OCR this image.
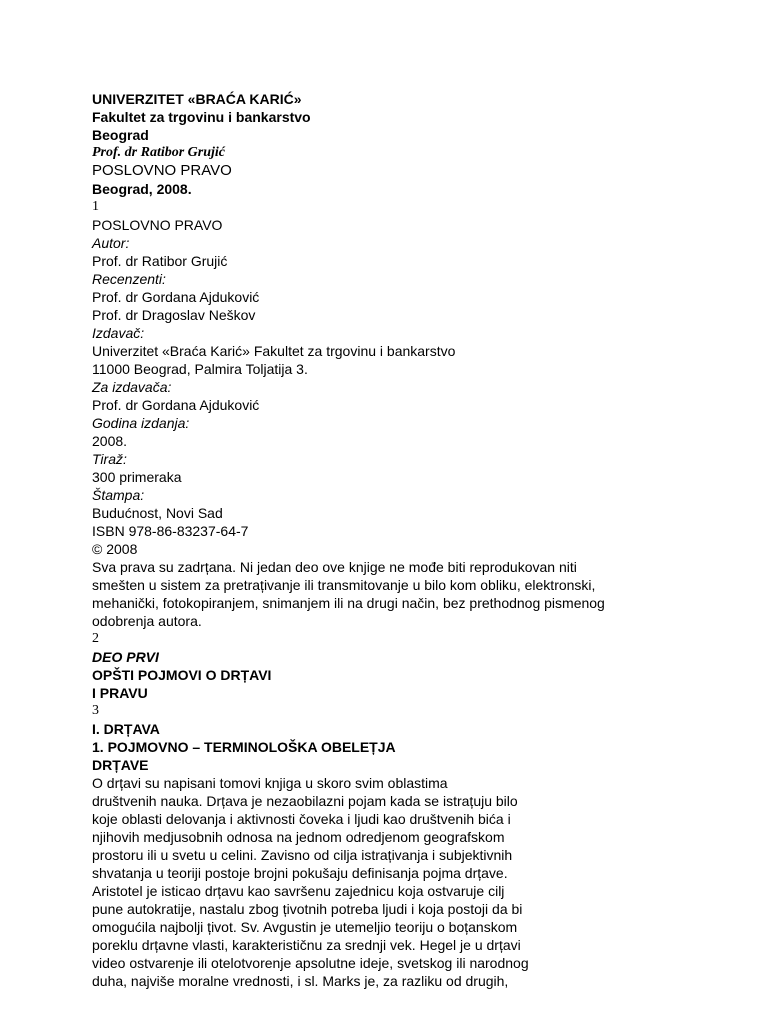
UNIVERZITET «BRAĆA KARIĆ»

Fakultet za trgovinu i bankarstvo

Beograd

Prof. dr Ratibor Grujić

POSLOVNO PRAVO

Beograd, 2008.

1

POSLOVNO PRAVO

Autor:

Prof. dr Ratibor Grujić

Recenzenti:

Prof. dr Gordana Ajduković

Prof. dr Dragoslav Neškov

Izdavač:

Univerzitet «Braća Karić» Fakultet za trgovinu i bankarstvo

11000 Beograd, Palmira Toljatija 3.

Za izdavača:

Prof. dr Gordana Ajduković

Godina izdanja:

2008.

Tiraž:

300 primeraka

Štampa:

Budućnost, Novi Sad

ISBN 978-86-83237-64-7

© 2008

Sva prava su zadrțana. Ni jedan deo ove knjige ne mođe biti reprodukovan niti

smešten u sistem za pretrațivanje ili transmitovanje u bilo kom obliku, elektronski,

mehanički, fotokopiranjem, snimanjem ili na drugi način, bez prethodnog pismenog

odobrenja autora.

2

DEO PRVI

OPŠTI POJMOVI O DRȚAVI

I PRAVU

3

I. DRȚAVA

1. POJMOVNO – TERMINOLOŠKA OBELEȚJA

DRȚAVE

O drțavi su napisani tomovi knjiga u skoro svim oblastima

društvenih nauka. Drțava je nezaobilazni pojam kada se istrațuju bilo

koje oblasti delovanja i aktivnosti čoveka i ljudi kao društvenih bića i

njihovih medjusobnih odnosa na jednom odredjenom geografskom

prostoru ili u svetu u celini. Zavisno od cilja istrațivanja i subjektivnih

shvatanja u teoriji postoje brojni pokušaju definisanja pojma drțave.

Aristotel je isticao drțavu kao savršenu zajednicu koja ostvaruje cilj

pune autokratije, nastalu zbog țivotnih potreba ljudi i koja postoji da bi

omogućila najbolji țivot. Sv. Avgustin je utemeljio teoriju o boțanskom

poreklu drțavne vlasti, karakterističnu za srednji vek. Hegel je u drțavi

video ostvarenje ili otelotvorenje apsolutne ideje, svetskog ili narodnog

duha, najviše moralne vrednosti, i sl. Marks je, za razliku od drugih,
